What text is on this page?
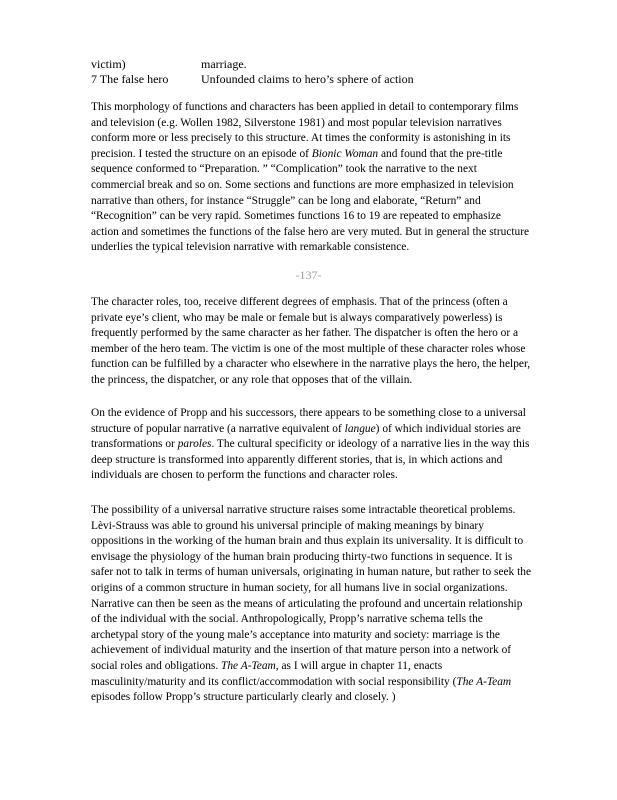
victim)	marriage.
7 The false hero	Unfounded claims to hero’s sphere of action

This morphology of functions and characters has been applied in detail to contemporary films and television (e.g. Wollen 1982, Silverstone 1981) and most popular television narratives conform more or less precisely to this structure. At times the conformity is astonishing in its precision. I tested the structure on an episode of Bionic Woman and found that the pre-title sequence conformed to “Preparation. ” “Complication” took the narrative to the next commercial break and so on. Some sections and functions are more emphasized in television narrative than others, for instance “Struggle” can be long and elaborate, “Return” and “Recognition” can be very rapid. Sometimes functions 16 to 19 are repeated to emphasize action and sometimes the functions of the false hero are very muted. But in general the structure underlies the typical television narrative with remarkable consistence.

-137-

The character roles, too, receive different degrees of emphasis. That of the princess (often a private eye’s client, who may be male or female but is always comparatively powerless) is frequently performed by the same character as her father. The dispatcher is often the hero or a member of the hero team. The victim is one of the most multiple of these character roles whose function can be fulfilled by a character who elsewhere in the narrative plays the hero, the helper, the princess, the dispatcher, or any role that opposes that of the villain.

On the evidence of Propp and his successors, there appears to be something close to a universal structure of popular narrative (a narrative equivalent of langue) of which individual stories are transformations or paroles. The cultural specificity or ideology of a narrative lies in the way this deep structure is transformed into apparently different stories, that is, in which actions and individuals are chosen to perform the functions and character roles.

The possibility of a universal narrative structure raises some intractable theoretical problems. Lèvi-Strauss was able to ground his universal principle of making meanings by binary oppositions in the working of the human brain and thus explain its universality. It is difficult to envisage the physiology of the human brain producing thirty-two functions in sequence. It is safer not to talk in terms of human universals, originating in human nature, but rather to seek the origins of a common structure in human society, for all humans live in social organizations. Narrative can then be seen as the means of articulating the profound and uncertain relationship of the individual with the social. Anthropologically, Propp’s narrative schema tells the archetypal story of the young male’s acceptance into maturity and society: marriage is the achievement of individual maturity and the insertion of that mature person into a network of social roles and obligations. The A-Team, as I will argue in chapter 11, enacts masculinity/maturity and its conflict/accommodation with social responsibility (The A-Team episodes follow Propp’s structure particularly clearly and closely. )
